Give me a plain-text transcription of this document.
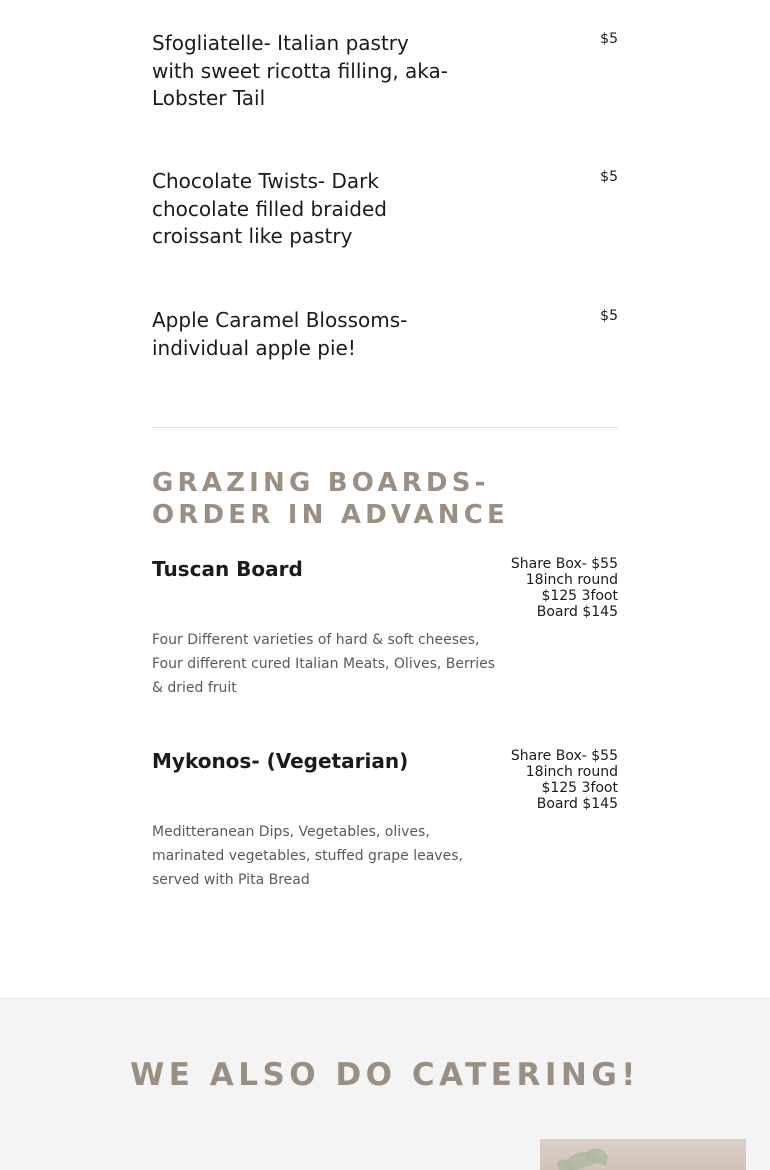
Sfogliatelle- Italian pastry with sweet ricotta filling, aka- Lobster Tail
$5
Chocolate Twists- Dark chocolate filled braided croissant like pastry
$5
Apple Caramel Blossoms- individual apple pie!
$5
GRAZING BOARDS- ORDER IN ADVANCE
Tuscan Board	Share Box- $55
18inch round
$125 3foot
Board $145

Four Different varieties of hard & soft cheeses, Four different cured Italian Meats, Olives, Berries & dried fruit

Mykonos- (Vegetarian)	Share Box- $55
18inch round
$125 3foot
Board $145

Meditteranean Dips, Vegetables, olives, marinated vegetables, stuffed grape leaves, served with Pita Bread

WE ALSO DO CATERING!
